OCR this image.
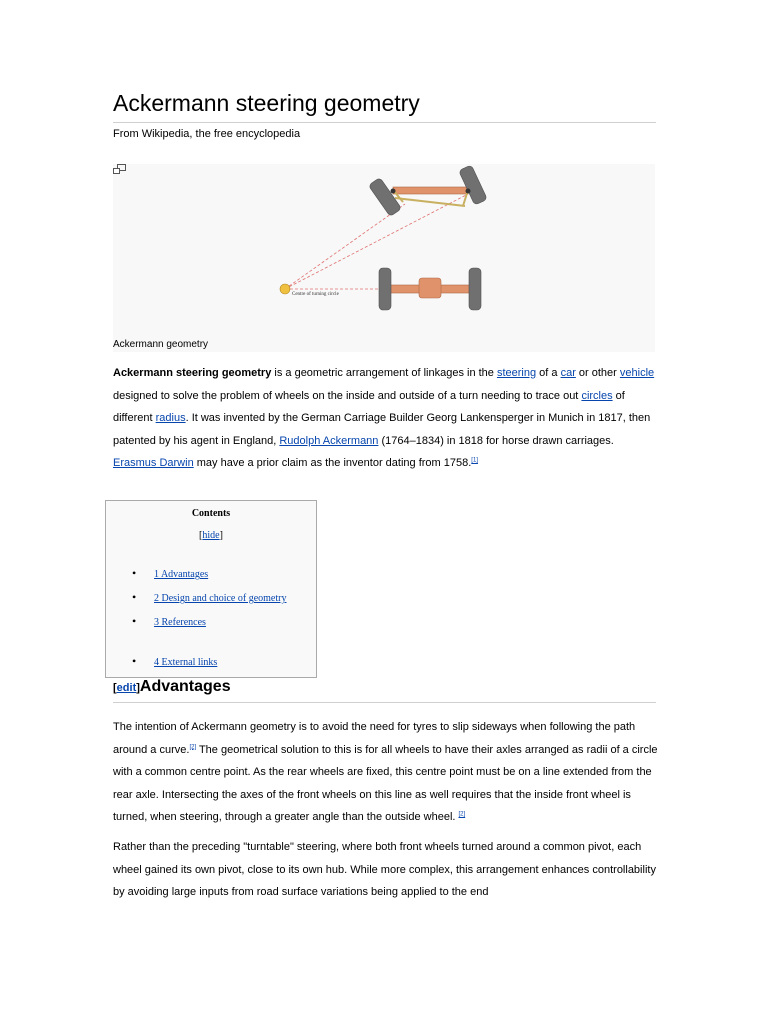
Ackermann steering geometry
From Wikipedia, the free encyclopedia
Centre of turning circle
Ackermann geometry

Ackermann steering geometry is a geometric arrangement of linkages in the steering of a car or other vehicle designed to solve the problem of wheels on the inside and outside of a turn needing to trace out circles of different radius. It was invented by the German Carriage Builder Georg Lankensperger in Munich in 1817, then patented by his agent in England, Rudolph Ackermann (1764–1834) in 1818 for horse drawn carriages. Erasmus Darwin may have a prior claim as the inventor dating from 1758.[1]

Contents
[hide]
• 1 Advantages
• 2 Design and choice of geometry
• 3 References
• 4 External links
[edit]Advantages

The intention of Ackermann geometry is to avoid the need for tyres to slip sideways when following the path around a curve.[2] The geometrical solution to this is for all wheels to have their axles arranged as radii of a circle with a common centre point. As the rear wheels are fixed, this centre point must be on a line extended from the rear axle. Intersecting the axes of the front wheels on this line as well requires that the inside front wheel is turned, when steering, through a greater angle than the outside wheel. [2]

Rather than the preceding "turntable" steering, where both front wheels turned around a common pivot, each wheel gained its own pivot, close to its own hub. While more complex, this arrangement enhances controllability by avoiding large inputs from road surface variations being applied to the end
